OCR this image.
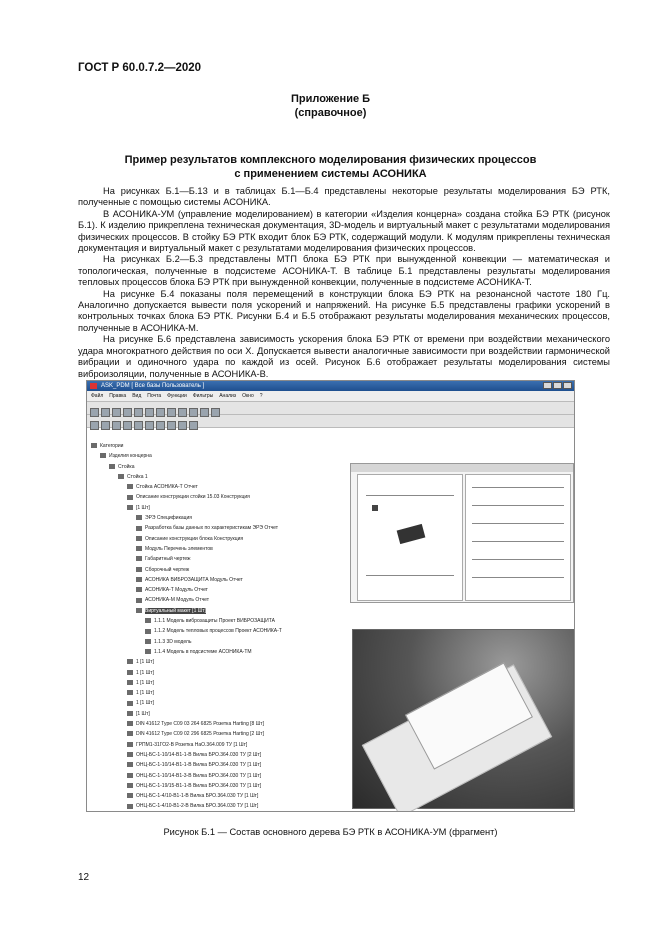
ГОСТ Р 60.0.7.2—2020
Приложение Б
(справочное)
Пример результатов комплексного моделирования физических процессов
с применением системы АСОНИКА

На рисунках Б.1—Б.13 и в таблицах Б.1—Б.4 представлены некоторые результаты моделирования БЭ РТК, полученные с помощью системы АСОНИКА.

В АСОНИКА-УМ (управление моделированием) в категории «Изделия концерна» создана стойка БЭ РТК (рисунок Б.1). К изделию прикреплена техническая документация, 3D-модель и виртуальный макет с результатами моделирования физических процессов. В стойку БЭ РТК входит блок БЭ РТК, содержащий модули. К модулям прикреплены техническая документация и виртуальный макет с результатами моделирования физических процессов.

На рисунках Б.2—Б.3 представлены МТП блока БЭ РТК при вынужденной конвекции — математическая и топологическая, полученные в подсистеме АСОНИКА-Т. В таблице Б.1 представлены результаты моделирования тепловых процессов блока БЭ РТК при вынужденной конвекции, полученные в подсистеме АСОНИКА-Т.

На рисунке Б.4 показаны поля перемещений в конструкции блока БЭ РТК на резонансной частоте 180 Гц. Аналогично допускается вывести поля ускорений и напряжений. На рисунке Б.5 представлены графики ускорений в контрольных точках блока БЭ РТК. Рисунки Б.4 и Б.5 отображают результаты моделирования механических процессов, полученные в АСОНИКА-М.

На рисунке Б.6 представлена зависимость ускорения блока БЭ РТК от времени при воздействии механического удара многократного действия по оси X. Допускается вывести аналогичные зависимости при воздействии гармонической вибрации и одиночного удара по каждой из осей. Рисунок Б.6 отображает результаты моделирования системы виброизоляции, полученные в АСОНИКА-В.

ASK_PDM [ Все базы Пользователь ]
Файл Правка Вид Почта Функции Фильтры Анализ Окно ?
Категории
Изделия концерна
Стойка
Стойка 1
Стойка АСОНИКА-Т Отчет
Описание конструкции стойки 15.03 Конструкция
[1 Шт]
ЭРЭ Спецификация
Разработка базы данных по характеристикам ЭРЭ Отчет
Описание конструкции блока Конструкция
Модуль Перечень элементов
Габаритный чертеж
Сборочный чертеж
АСОНИКА ВИБРОЗАЩИТА Модуль Отчет
АСОНИКА-Т Модуль Отчет
АСОНИКА-М Модуль Отчет
Виртуальный макет [1 Шт]
1.1.1 Модель виброзащиты Проект ВИБРОЗАЩИТА
1.1.2 Модель тепловых процессов Проект АСОНИКА-Т
1.1.3 3D модель
1.1.4 Модель в подсистеме АСОНИКА-ТМ
1 [1 Шт]
1 [1 Шт]
1 [1 Шт]
1 [1 Шт]
1 [1 Шт]
[1 Шт]
DIN 41612 Type C09 03 264 6825 Розетка Harting [8 Шт]
DIN 41612 Type C09 02 296 6825 Розетка Harting [2 Шт]
ГРПМ1-31ГО2-В Розетка НаО.364.009 ТУ [1 Шт]
ОНЦ-БС-1-10/14-В1-1-В Вилка БРО.364.030 ТУ [2 Шт]
ОНЦ-БС-1-10/14-В1-1-В Вилка БРО.364.030 ТУ [1 Шт]
ОНЦ-БС-1-10/14-В1-3-В Вилка БРО.364.030 ТУ [1 Шт]
ОНЦ-БС-1-19/15-В1-1-В Вилка БРО.364.030 ТУ [1 Шт]
ОНЦ-БС-1-4/10-В1-1-В Вилка БРО.364.030 ТУ [1 Шт]
ОНЦ-БС-1-4/10-В1-2-В Вилка БРО.364.030 ТУ [1 Шт]
Рисунок Б.1 — Состав основного дерева БЭ РТК в АСОНИКА-УМ (фрагмент)
12
